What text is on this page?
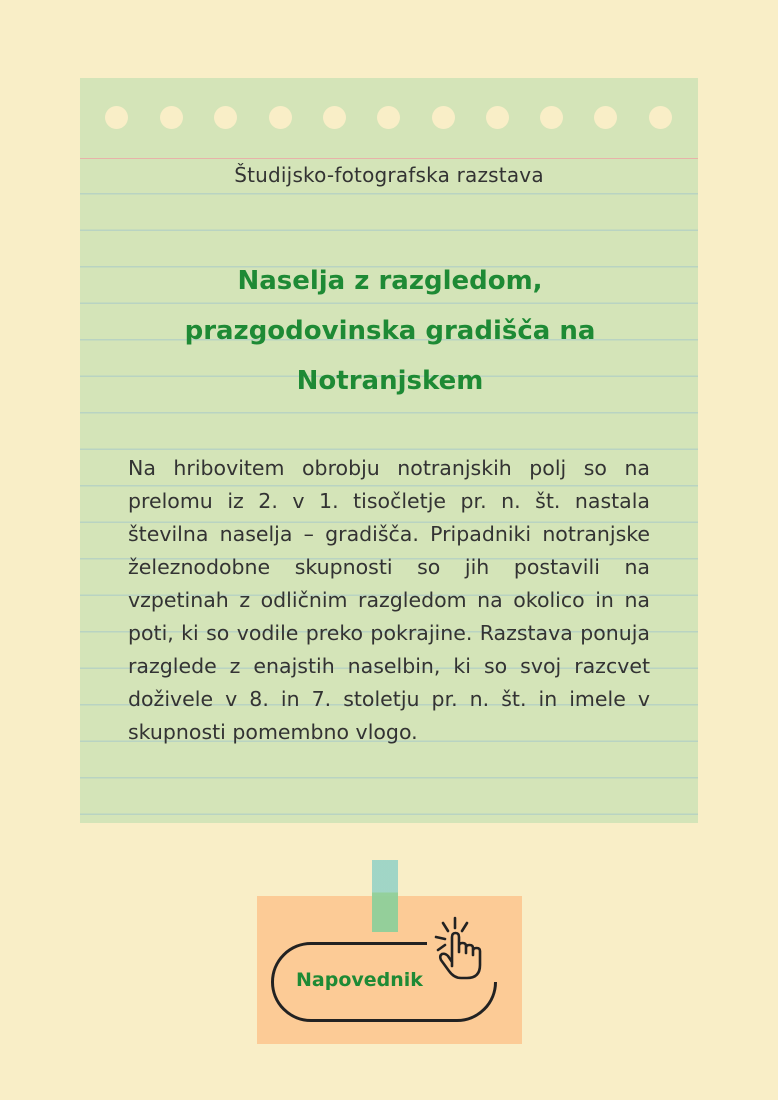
Študijsko-fotografska razstava
Naselja z razgledom,
prazgodovinska gradišča na
Notranjskem
Na hribovitem obrobju notranjskih polj so na prelomu iz 2. v 1. tisočletje pr. n. št. nastala številna naselja – gradišča. Pripadniki notranjske železnodobne skupnosti so jih postavili na vzpetinah z odličnim razgledom na okolico in na poti, ki so vodile preko pokrajine. Razstava ponuja razglede z enajstih naselbin, ki so svoj razcvet doživele v 8. in 7. stoletju pr. n. št. in imele v skupnosti pomembno vlogo.
Napovednik
